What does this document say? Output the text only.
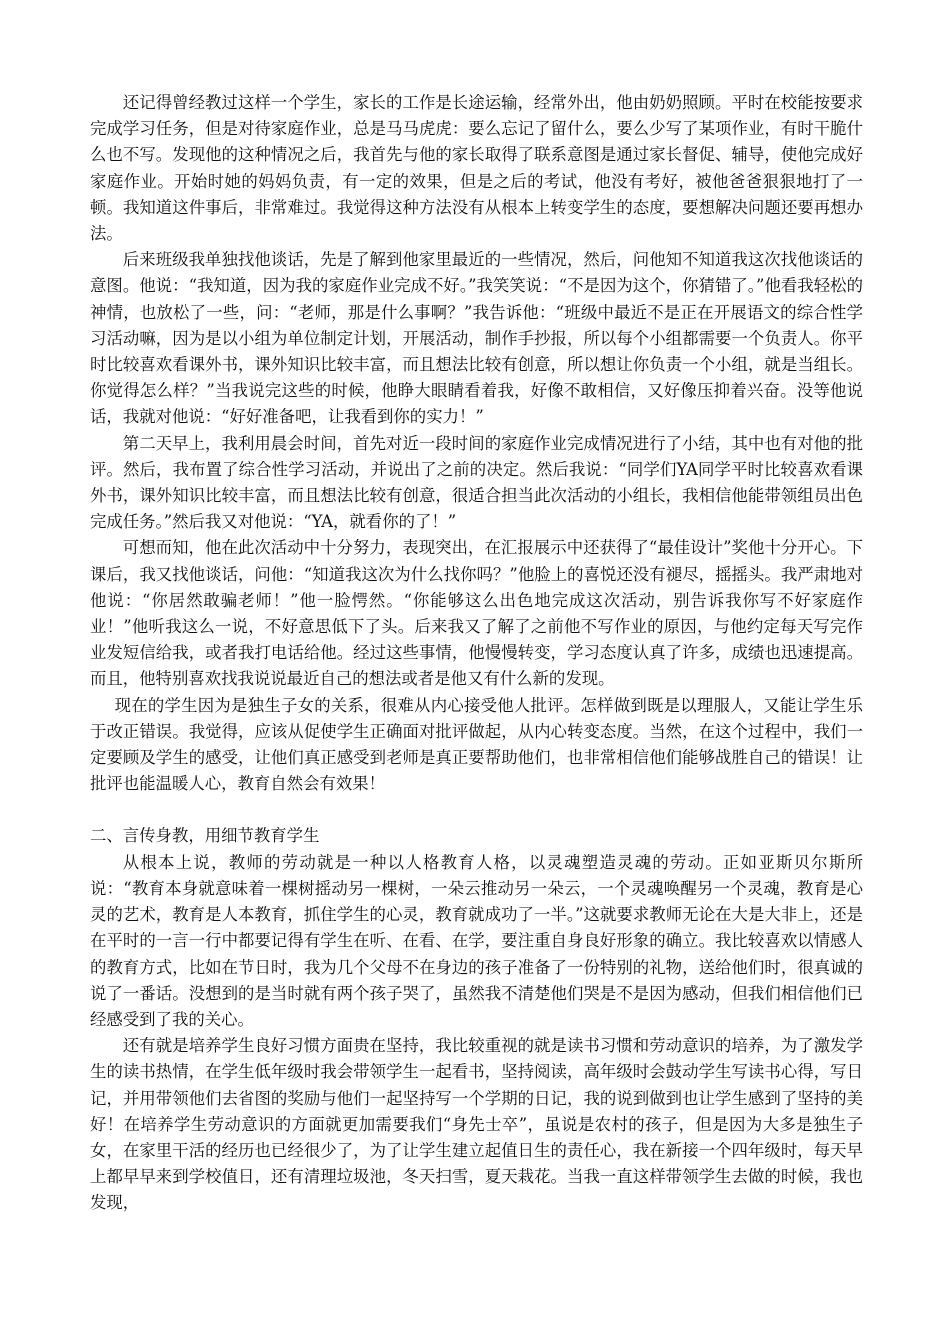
还记得曾经教过这样一个学生，家长的工作是长途运输，经常外出，他由奶奶照顾。平时在校能按要求完成学习任务，但是对待家庭作业，总是马马虎虎：要么忘记了留什么，要么少写了某项作业，有时干脆什么也不写。发现他的这种情况之后，我首先与他的家长取得了联系意图是通过家长督促、辅导，使他完成好家庭作业。开始时她的妈妈负责，有一定的效果，但是之后的考试，他没有考好，被他爸爸狠狠地打了一顿。我知道这件事后，非常难过。我觉得这种方法没有从根本上转变学生的态度，要想解决问题还要再想办法。

后来班级我单独找他谈话，先是了解到他家里最近的一些情况，然后，问他知不知道我这次找他谈话的意图。他说：“我知道，因为我的家庭作业完成不好。”我笑笑说：“不是因为这个，你猜错了。”他看我轻松的神情，也放松了一些，问：“老师，那是什么事啊？”我告诉他：“班级中最近不是正在开展语文的综合性学习活动嘛，因为是以小组为单位制定计划，开展活动，制作手抄报，所以每个小组都需要一个负责人。你平时比较喜欢看课外书，课外知识比较丰富，而且想法比较有创意，所以想让你负责一个小组，就是当组长。你觉得怎么样？”当我说完这些的时候，他睁大眼睛看着我，好像不敢相信，又好像压抑着兴奋。没等他说话，我就对他说：“好好准备吧，让我看到你的实力！”

第二天早上，我利用晨会时间，首先对近一段时间的家庭作业完成情况进行了小结，其中也有对他的批评。然后，我布置了综合性学习活动，并说出了之前的决定。然后我说：“同学们YA同学平时比较喜欢看课外书，课外知识比较丰富，而且想法比较有创意，很适合担当此次活动的小组长，我相信他能带领组员出色完成任务。”然后我又对他说：“YA，就看你的了！”

可想而知，他在此次活动中十分努力，表现突出，在汇报展示中还获得了“最佳设计”奖他十分开心。下课后，我又找他谈话，问他：“知道我这次为什么找你吗？”他脸上的喜悦还没有褪尽，摇摇头。我严肃地对他说：“你居然敢骗老师！”他一脸愕然。“你能够这么出色地完成这次活动，别告诉我你写不好家庭作业！”他听我这么一说，不好意思低下了头。后来我又了解了之前他不写作业的原因，与他约定每天写完作业发短信给我，或者我打电话给他。经过这些事情，他慢慢转变，学习态度认真了许多，成绩也迅速提高。而且，他特别喜欢找我说说最近自己的想法或者是他又有什么新的发现。

现在的学生因为是独生子女的关系，很难从内心接受他人批评。怎样做到既是以理服人，又能让学生乐于改正错误。我觉得，应该从促使学生正确面对批评做起，从内心转变态度。当然，在这个过程中，我们一定要顾及学生的感受，让他们真正感受到老师是真正要帮助他们，也非常相信他们能够战胜自己的错误！让批评也能温暖人心，教育自然会有效果！

二、言传身教，用细节教育学生

从根本上说，教师的劳动就是一种以人格教育人格，以灵魂塑造灵魂的劳动。正如亚斯贝尔斯所说：“教育本身就意味着一棵树摇动另一棵树，一朵云推动另一朵云，一个灵魂唤醒另一个灵魂，教育是心灵的艺术，教育是人本教育，抓住学生的心灵，教育就成功了一半。”这就要求教师无论在大是大非上，还是在平时的一言一行中都要记得有学生在听、在看、在学，要注重自身良好形象的确立。我比较喜欢以情感人的教育方式，比如在节日时，我为几个父母不在身边的孩子准备了一份特别的礼物，送给他们时，很真诚的说了一番话。没想到的是当时就有两个孩子哭了，虽然我不清楚他们哭是不是因为感动，但我们相信他们已经感受到了我的关心。

还有就是培养学生良好习惯方面贵在坚持，我比较重视的就是读书习惯和劳动意识的培养，为了激发学生的读书热情，在学生低年级时我会带领学生一起看书，坚持阅读，高年级时会鼓动学生写读书心得，写日记，并用带领他们去省图的奖励与他们一起坚持写一个学期的日记，我的说到做到也让学生感到了坚持的美好！在培养学生劳动意识的方面就更加需要我们“身先士卒”，虽说是农村的孩子，但是因为大多是独生子女，在家里干活的经历也已经很少了，为了让学生建立起值日生的责任心，我在新接一个四年级时，每天早上都早早来到学校值日，还有清理垃圾池，冬天扫雪，夏天栽花。当我一直这样带领学生去做的时候，我也发现，
